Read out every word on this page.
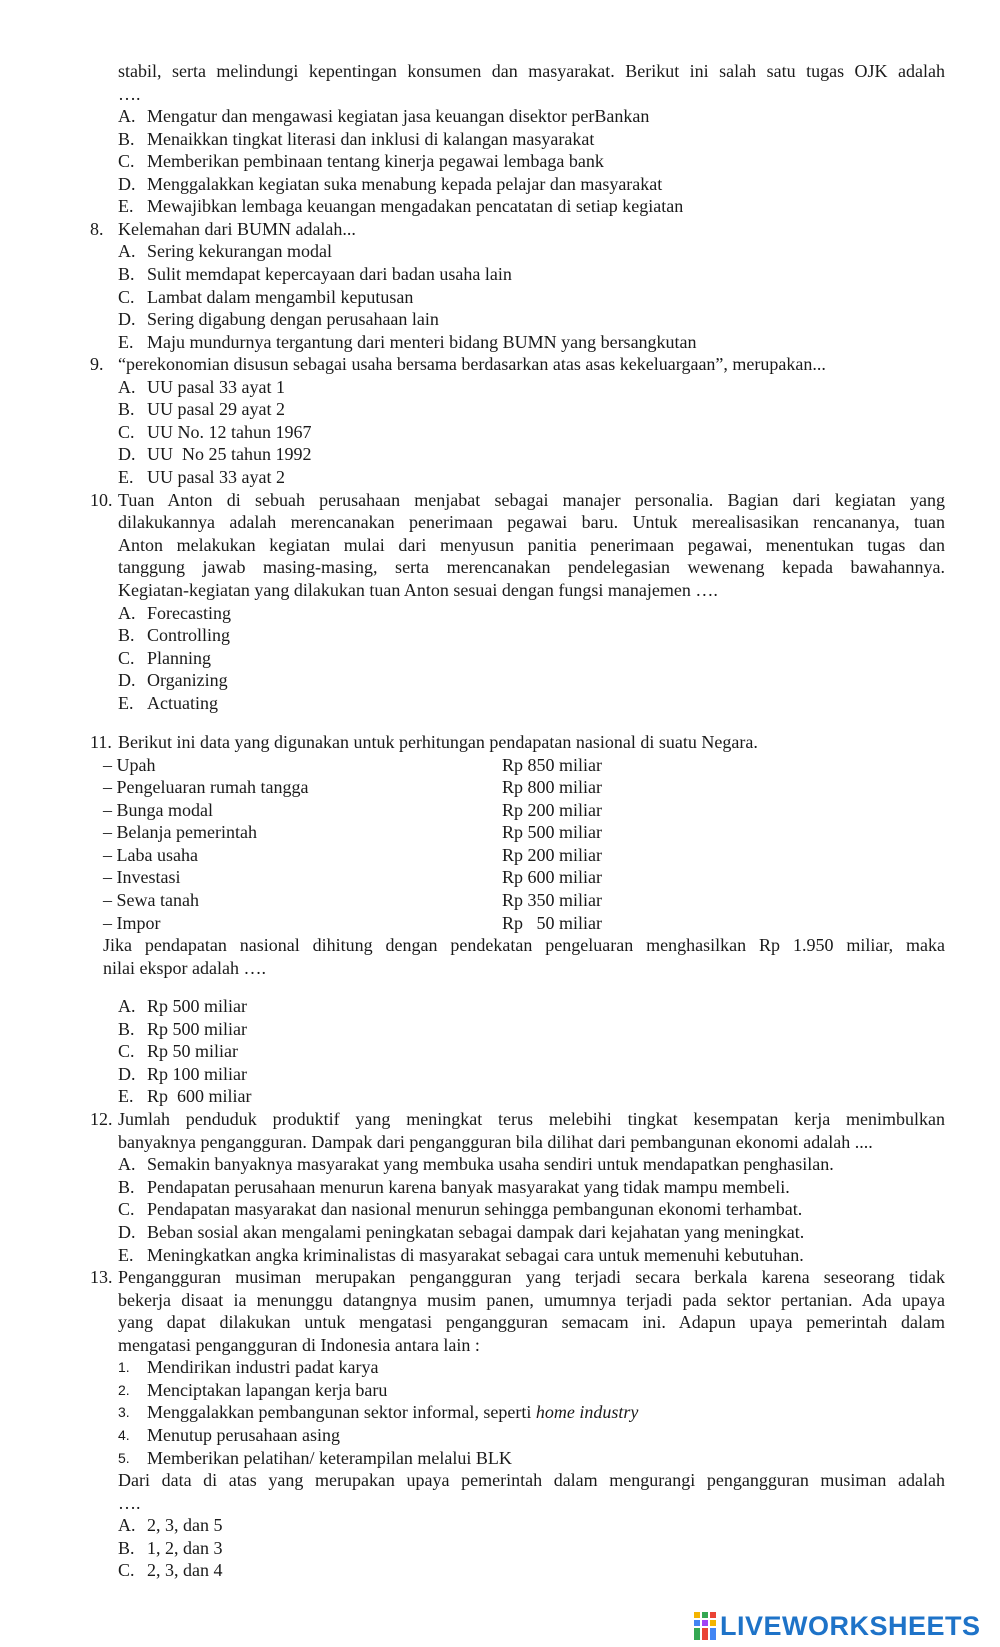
stabil, serta melindungi kepentingan konsumen dan masyarakat. Berikut ini salah satu tugas OJK adalah
….
A. Mengatur dan mengawasi kegiatan jasa keuangan disektor perBankan
B. Menaikkan tingkat literasi dan inklusi di kalangan masyarakat
C. Memberikan pembinaan tentang kinerja pegawai lembaga bank
D. Menggalakkan kegiatan suka menabung kepada pelajar dan masyarakat
E. Mewajibkan lembaga keuangan mengadakan pencatatan di setiap kegiatan
8. Kelemahan dari BUMN adalah...
A. Sering kekurangan modal
B. Sulit memdapat kepercayaan dari badan usaha lain
C. Lambat dalam mengambil keputusan
D. Sering digabung dengan perusahaan lain
E. Maju mundurnya tergantung dari menteri bidang BUMN yang bersangkutan
9. “perekonomian disusun sebagai usaha bersama berdasarkan atas asas kekeluargaan”, merupakan...
A. UU pasal 33 ayat 1
B. UU pasal 29 ayat 2
C. UU No. 12 tahun 1967
D. UU  No 25 tahun 1992
E. UU pasal 33 ayat 2
10. Tuan Anton di sebuah perusahaan menjabat sebagai manajer personalia. Bagian dari kegiatan yang
dilakukannya adalah merencanakan penerimaan pegawai baru. Untuk merealisasikan rencananya, tuan
Anton melakukan kegiatan mulai dari menyusun panitia penerimaan pegawai, menentukan tugas dan
tanggung jawab masing-masing, serta merencanakan pendelegasian wewenang kepada bawahannya.
Kegiatan-kegiatan yang dilakukan tuan Anton sesuai dengan fungsi manajemen ….
A. Forecasting
B. Controlling
C. Planning
D. Organizing
E. Actuating
11. Berikut ini data yang digunakan untuk perhitungan pendapatan nasional di suatu Negara.
– Upah	Rp 850 miliar
– Pengeluaran rumah tangga	Rp 800 miliar
– Bunga modal	Rp 200 miliar
– Belanja pemerintah	Rp 500 miliar
– Laba usaha	Rp 200 miliar
– Investasi	Rp 600 miliar
– Sewa tanah	Rp 350 miliar
– Impor	Rp   50 miliar
Jika pendapatan nasional dihitung dengan pendekatan pengeluaran menghasilkan Rp 1.950 miliar, maka
nilai ekspor adalah ….
A. Rp 500 miliar
B. Rp 500 miliar
C. Rp 50 miliar
D. Rp 100 miliar
E. Rp  600 miliar
12. Jumlah penduduk produktif yang meningkat terus melebihi tingkat kesempatan kerja menimbulkan
banyaknya pengangguran. Dampak dari pengangguran bila dilihat dari pembangunan ekonomi adalah ....
A. Semakin banyaknya masyarakat yang membuka usaha sendiri untuk mendapatkan penghasilan.
B. Pendapatan perusahaan menurun karena banyak masyarakat yang tidak mampu membeli.
C. Pendapatan masyarakat dan nasional menurun sehingga pembangunan ekonomi terhambat.
D. Beban sosial akan mengalami peningkatan sebagai dampak dari kejahatan yang meningkat.
E. Meningkatkan angka kriminalistas di masyarakat sebagai cara untuk memenuhi kebutuhan.
13. Pengangguran musiman merupakan pengangguran yang terjadi secara berkala karena seseorang tidak
bekerja disaat ia menunggu datangnya musim panen, umumnya terjadi pada sektor pertanian. Ada upaya
yang dapat dilakukan untuk mengatasi pengangguran semacam ini. Adapun upaya pemerintah dalam
mengatasi pengangguran di Indonesia antara lain :
1. Mendirikan industri padat karya
2. Menciptakan lapangan kerja baru
3. Menggalakkan pembangunan sektor informal, seperti home industry
4. Menutup perusahaan asing
5. Memberikan pelatihan/ keterampilan melalui BLK
Dari data di atas yang merupakan upaya pemerintah dalam mengurangi pengangguran musiman adalah
….
A. 2, 3, dan 5
B. 1, 2, dan 3
C. 2, 3, dan 4
LIVEWORKSHEETS
